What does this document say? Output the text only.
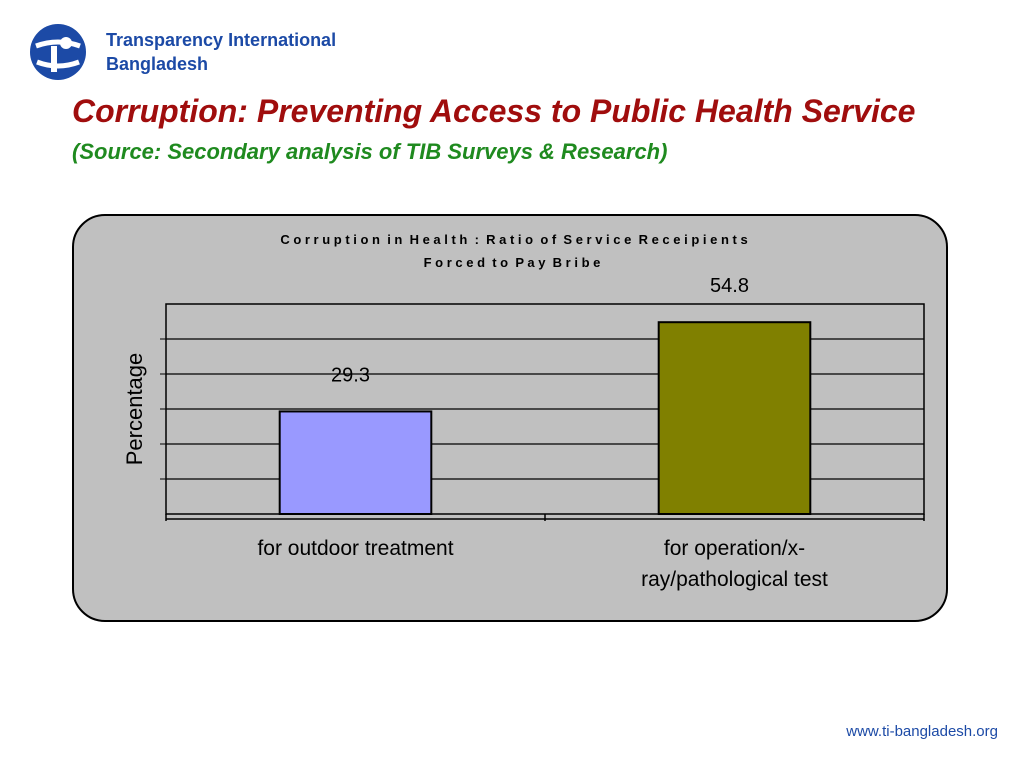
Transparency International
Bangladesh
Corruption: Preventing Access to Public Health Service
(Source: Secondary analysis of TIB Surveys & Research)
C o r r u p t i o n  i n  H e a l t h  :  R a t i o  o f  S e r v i c e  R e c e i p i e n t s
F o r c e d  t o  P a y  B r i b e
29.3
54.8
for outdoor treatment	for operation/x-ray/pathological test
Percentage
www.ti-bangladesh.org
